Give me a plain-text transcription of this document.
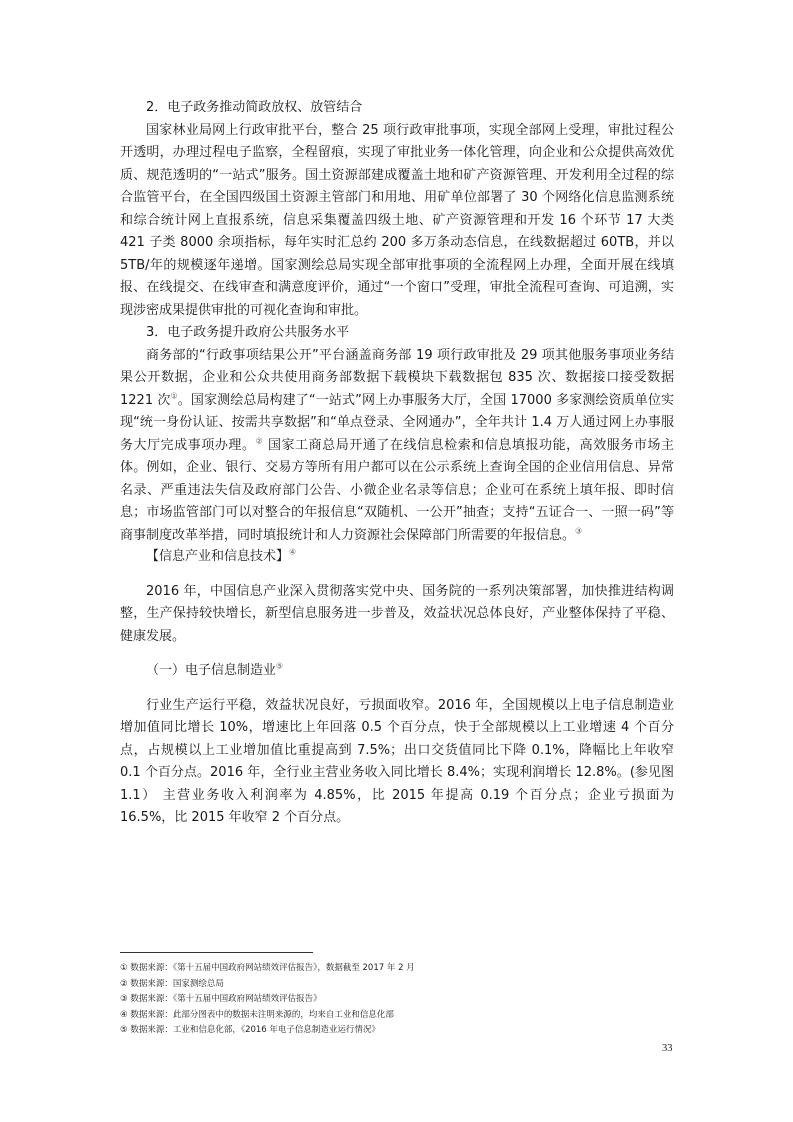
2．电子政务推动简政放权、放管结合

国家林业局网上行政审批平台，整合 25 项行政审批事项，实现全部网上受理，审批过程公开透明，办理过程电子监察，全程留痕，实现了审批业务一体化管理，向企业和公众提供高效优质、规范透明的“一站式”服务。国土资源部建成覆盖土地和矿产资源管理、开发利用全过程的综合监管平台，在全国四级国土资源主管部门和用地、用矿单位部署了 30 个网络化信息监测系统和综合统计网上直报系统，信息采集覆盖四级土地、矿产资源管理和开发 16 个环节 17 大类 421 子类 8000 余项指标，每年实时汇总约 200 多万条动态信息，在线数据超过 60TB，并以 5TB/年的规模逐年递增。国家测绘总局实现全部审批事项的全流程网上办理，全面开展在线填报、在线提交、在线审查和满意度评价，通过“一个窗口”受理，审批全流程可查询、可追溯，实现涉密成果提供审批的可视化查询和审批。

3．电子政务提升政府公共服务水平

商务部的“行政事项结果公开”平台涵盖商务部 19 项行政审批及 29 项其他服务事项业务结果公开数据，企业和公众共使用商务部数据下载模块下载数据包 835 次、数据接口接受数据 1221 次①。国家测绘总局构建了“一站式”网上办事服务大厅，全国 17000 多家测绘资质单位实现“统一身份认证、按需共享数据”和“单点登录、全网通办”，全年共计 1.4 万人通过网上办事服务大厅完成事项办理。② 国家工商总局开通了在线信息检索和信息填报功能，高效服务市场主体。例如，企业、银行、交易方等所有用户都可以在公示系统上查询全国的企业信用信息、异常名录、严重违法失信及政府部门公告、小微企业名录等信息；企业可在系统上填年报、即时信息；市场监管部门可以对整合的年报信息“双随机、一公开”抽查；支持“五证合一、一照一码”等商事制度改革举措，同时填报统计和人力资源社会保障部门所需要的年报信息。③

【信息产业和信息技术】④

2016 年，中国信息产业深入贯彻落实党中央、国务院的一系列决策部署，加快推进结构调整，生产保持较快增长，新型信息服务进一步普及，效益状况总体良好，产业整体保持了平稳、健康发展。

（一）电子信息制造业⑤

行业生产运行平稳，效益状况良好，亏损面收窄。2016 年，全国规模以上电子信息制造业增加值同比增长 10%，增速比上年回落 0.5 个百分点，快于全部规模以上工业增速 4 个百分点，占规模以上工业增加值比重提高到 7.5%；出口交货值同比下降 0.1%，降幅比上年收窄 0.1 个百分点。2016 年，全行业主营业务收入同比增长 8.4%；实现利润增长 12.8%。(参见图 1.1） 主营业务收入利润率为 4.85%，比 2015 年提高 0.19 个百分点；企业亏损面为 16.5%，比 2015 年收窄 2 个百分点。

① 数据来源：《第十五届中国政府网站绩效评估报告》，数据截至 2017 年 2 月
② 数据来源：国家测绘总局
③ 数据来源：《第十五届中国政府网站绩效评估报告》
④ 数据来源：此部分图表中的数据未注明来源的，均来自工业和信息化部
⑤ 数据来源：工业和信息化部，《2016 年电子信息制造业运行情况》
33
